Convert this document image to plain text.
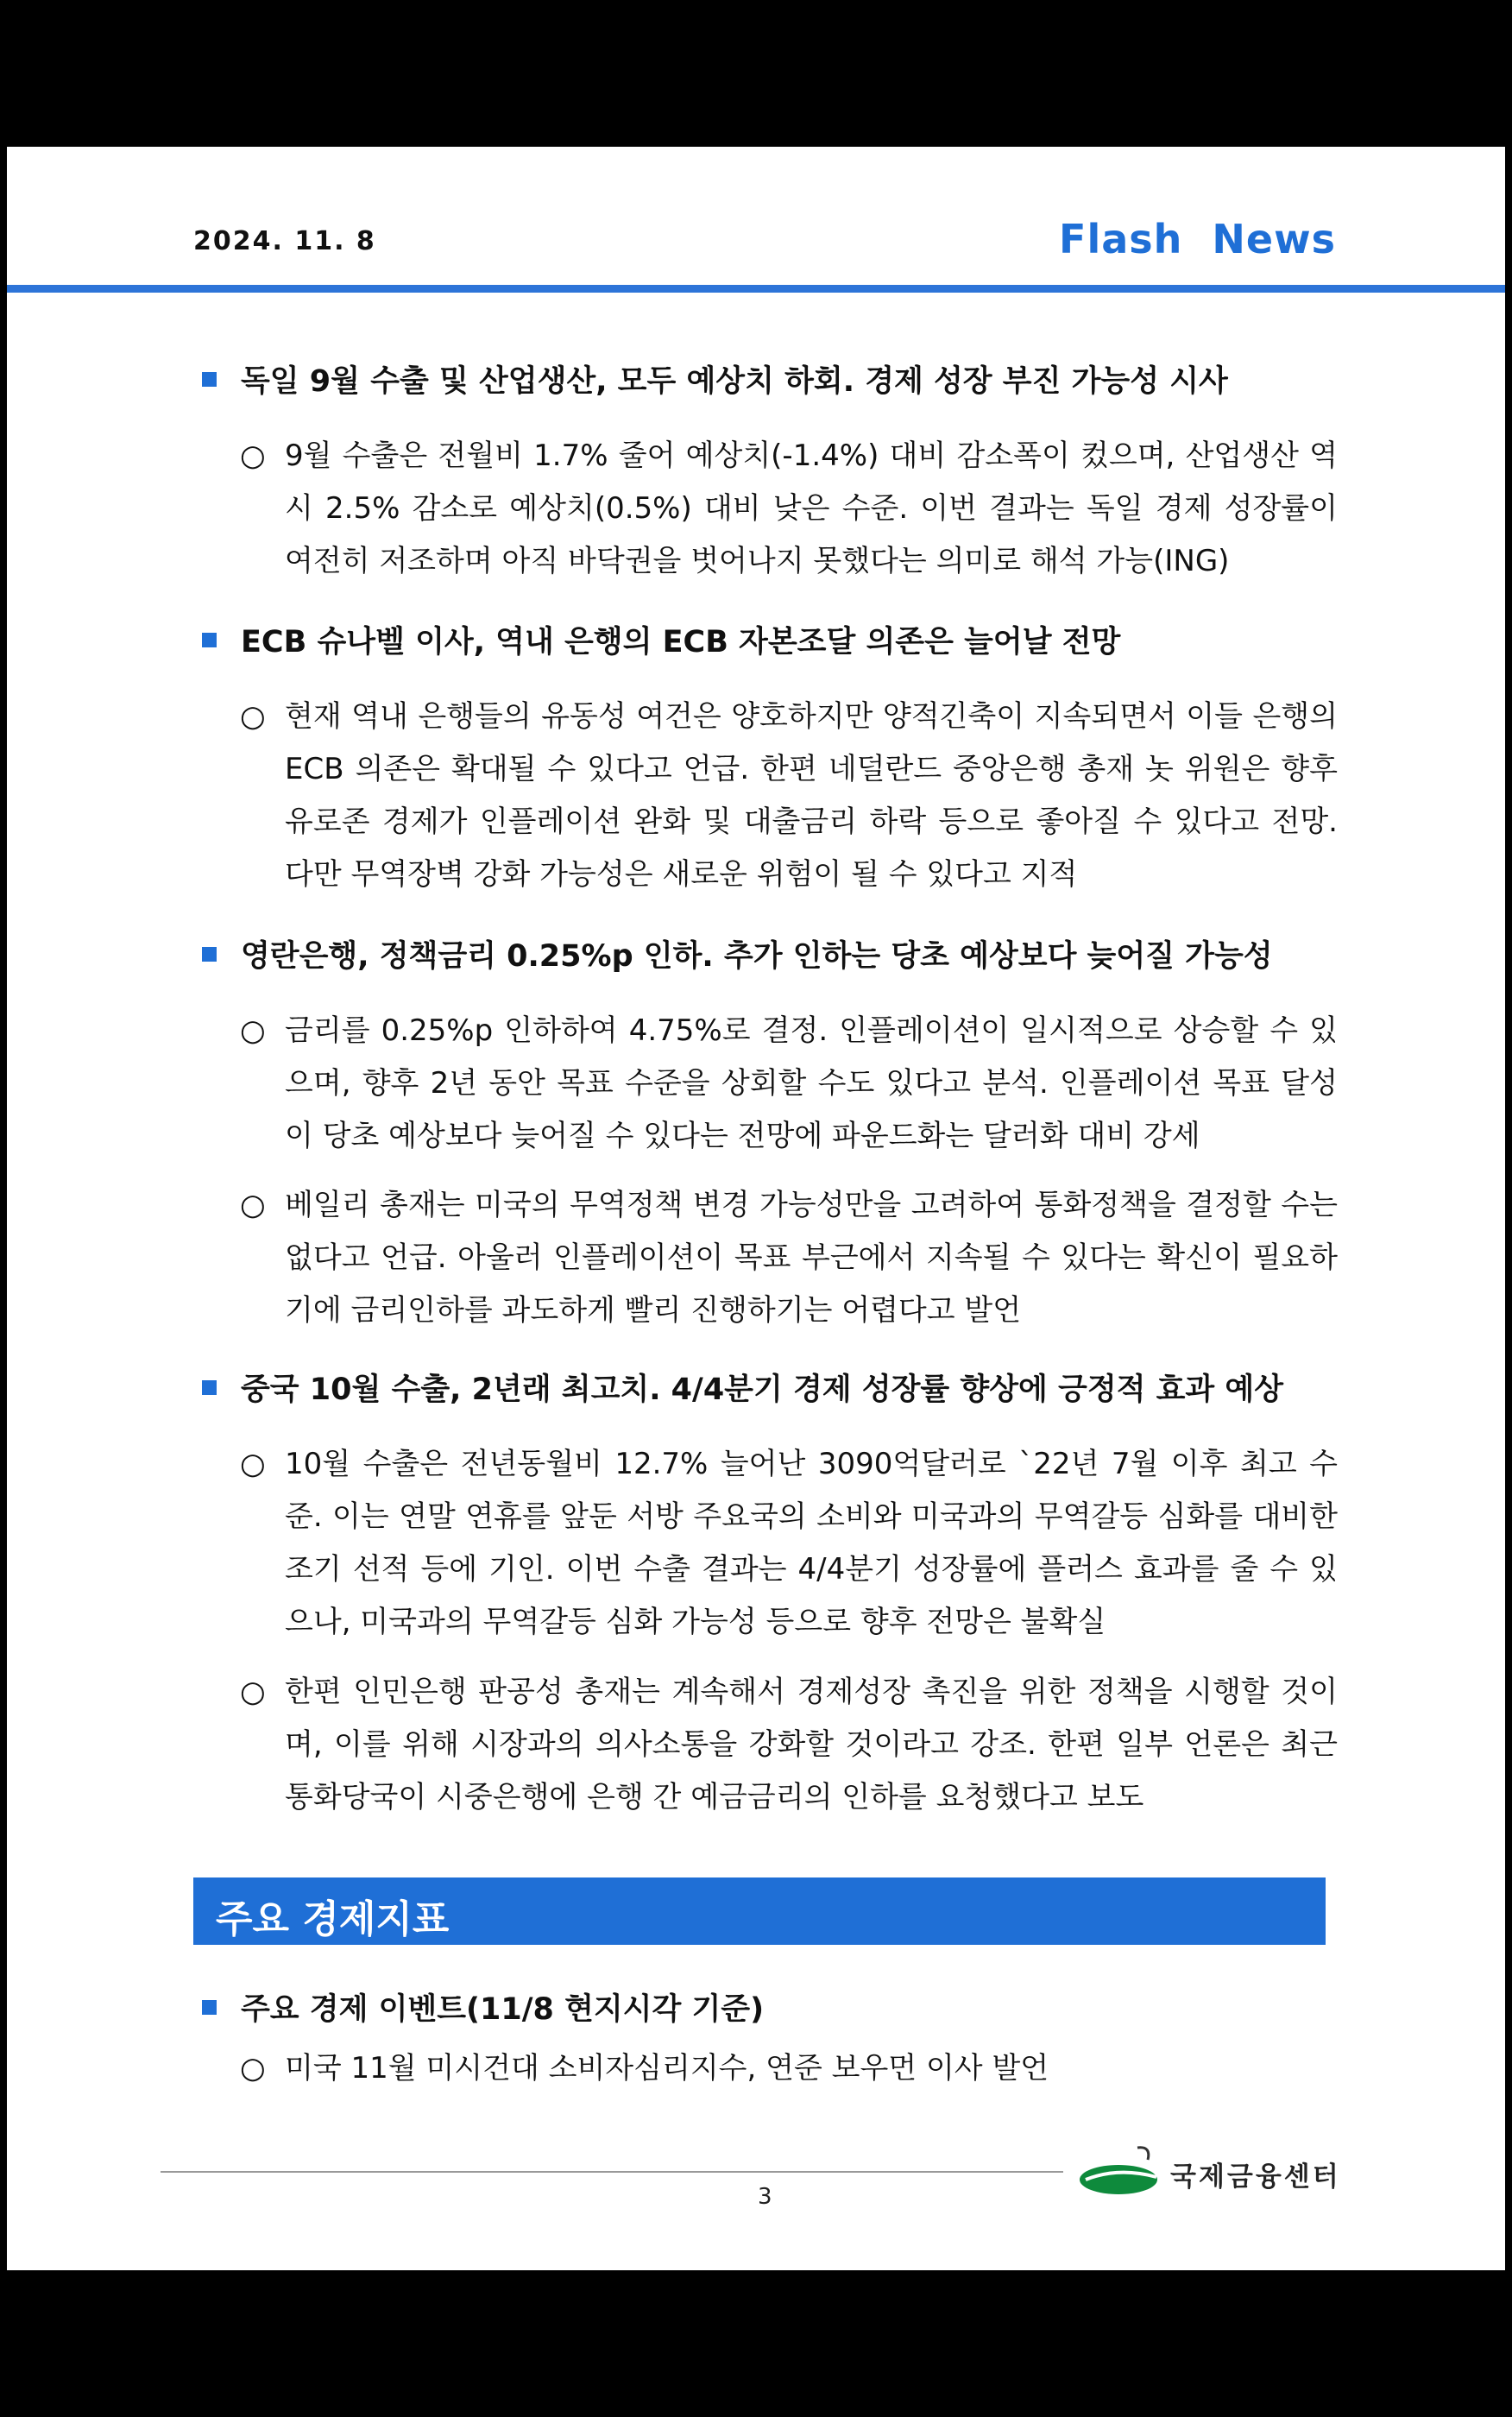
2024. 11. 8	Flash  News
독일 9월 수출 및 산업생산, 모두 예상치 하회. 경제 성장 부진 가능성 시사
○ 9월 수출은 전월비 1.7% 줄어 예상치(-1.4%) 대비 감소폭이 컸으며, 산업생산 역시 2.5% 감소로 예상치(0.5%) 대비 낮은 수준. 이번 결과는 독일 경제 성장률이 여전히 저조하며 아직 바닥권을 벗어나지 못했다는 의미로 해석 가능(ING)
ECB 슈나벨 이사, 역내 은행의 ECB 자본조달 의존은 늘어날 전망
○ 현재 역내 은행들의 유동성 여건은 양호하지만 양적긴축이 지속되면서 이들 은행의 ECB 의존은 확대될 수 있다고 언급. 한편 네덜란드 중앙은행 총재 놋 위원은 향후 유로존 경제가 인플레이션 완화 및 대출금리 하락 등으로 좋아질 수 있다고 전망. 다만 무역장벽 강화 가능성은 새로운 위험이 될 수 있다고 지적
영란은행, 정책금리 0.25%p 인하. 추가 인하는 당초 예상보다 늦어질 가능성
○ 금리를 0.25%p 인하하여 4.75%로 결정. 인플레이션이 일시적으로 상승할 수 있으며, 향후 2년 동안 목표 수준을 상회할 수도 있다고 분석. 인플레이션 목표 달성이 당초 예상보다 늦어질 수 있다는 전망에 파운드화는 달러화 대비 강세
○ 베일리 총재는 미국의 무역정책 변경 가능성만을 고려하여 통화정책을 결정할 수는 없다고 언급. 아울러 인플레이션이 목표 부근에서 지속될 수 있다는 확신이 필요하기에 금리인하를 과도하게 빨리 진행하기는 어렵다고 발언
중국 10월 수출, 2년래 최고치. 4/4분기 경제 성장률 향상에 긍정적 효과 예상
○ 10월 수출은 전년동월비 12.7% 늘어난 3090억달러로 `22년 7월 이후 최고 수준. 이는 연말 연휴를 앞둔 서방 주요국의 소비와 미국과의 무역갈등 심화를 대비한 조기 선적 등에 기인. 이번 수출 결과는 4/4분기 성장률에 플러스 효과를 줄 수 있으나, 미국과의 무역갈등 심화 가능성 등으로 향후 전망은 불확실
○ 한편 인민은행 판공성 총재는 계속해서 경제성장 촉진을 위한 정책을 시행할 것이며, 이를 위해 시장과의 의사소통을 강화할 것이라고 강조. 한편 일부 언론은 최근 통화당국이 시중은행에 은행 간 예금금리의 인하를 요청했다고 보도
주요 경제지표
주요 경제 이벤트(11/8 현지시각 기준)
○ 미국 11월 미시건대 소비자심리지수, 연준 보우먼 이사 발언
3
국제금융센터
